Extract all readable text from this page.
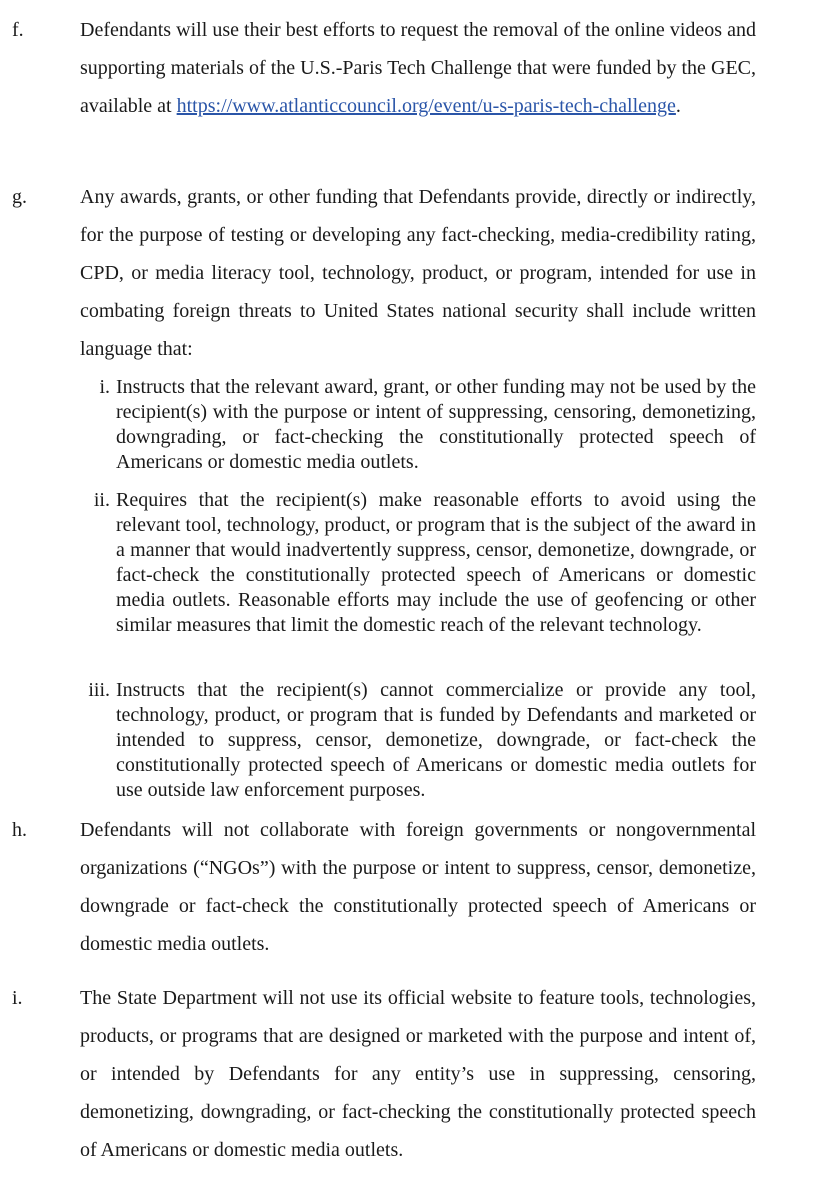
f.	Defendants will use their best efforts to request the removal of the online videos and supporting materials of the U.S.-Paris Tech Challenge that were funded by the GEC, available at https://www.atlanticcouncil.org/event/u-s-paris-tech-challenge.
g.	Any awards, grants, or other funding that Defendants provide, directly or indirectly, for the purpose of testing or developing any fact-checking, media-credibility rating, CPD, or media literacy tool, technology, product, or program, intended for use in combating foreign threats to United States national security shall include written language that:
i. Instructs that the relevant award, grant, or other funding may not be used by the recipient(s) with the purpose or intent of suppressing, censoring, demonetizing, downgrading, or fact-checking the constitutionally protected speech of Americans or domestic media outlets.
ii. Requires that the recipient(s) make reasonable efforts to avoid using the relevant tool, technology, product, or program that is the subject of the award in a manner that would inadvertently suppress, censor, demonetize, downgrade, or fact-check the constitutionally protected speech of Americans or domestic media outlets. Reasonable efforts may include the use of geofencing or other similar measures that limit the domestic reach of the relevant technology.
iii. Instructs that the recipient(s) cannot commercialize or provide any tool, technology, product, or program that is funded by Defendants and marketed or intended to suppress, censor, demonetize, downgrade, or fact-check the constitutionally protected speech of Americans or domestic media outlets for use outside law enforcement purposes.
h.	Defendants will not collaborate with foreign governments or nongovernmental organizations (“NGOs”) with the purpose or intent to suppress, censor, demonetize, downgrade or fact-check the constitutionally protected speech of Americans or domestic media outlets.
i.	The State Department will not use its official website to feature tools, technologies, products, or programs that are designed or marketed with the purpose and intent of, or intended by Defendants for any entity’s use in suppressing, censoring, demonetizing, downgrading, or fact-checking the constitutionally protected speech of Americans or domestic media outlets.
